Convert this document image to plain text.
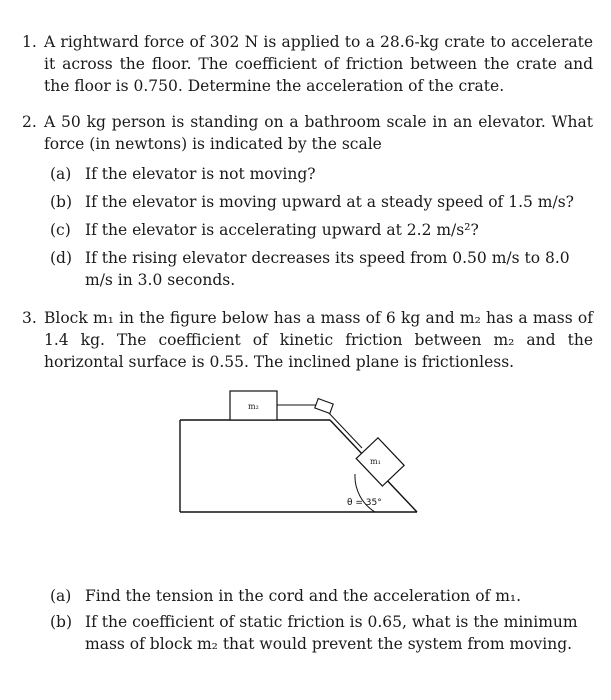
1. A rightward force of 302 N is applied to a 28.6-kg crate to accelerate it across the floor. The coefficient of friction between the crate and the floor is 0.750. Determine the acceleration of the crate.
2. A 50 kg person is standing on a bathroom scale in an elevator. What force (in newtons) is indicated by the scale
(a) If the elevator is not moving?
(b) If the elevator is moving upward at a steady speed of 1.5 m/s?
(c) If the elevator is accelerating upward at 2.2 m/s²?
(d) If the rising elevator decreases its speed from 0.50 m/s to 8.0 m/s in 3.0 seconds.
3. Block m₁ in the figure below has a mass of 6 kg and m₂ has a mass of 1.4 kg. The coefficient of kinetic friction between m₂ and the horizontal surface is 0.55. The inclined plane is frictionless.
m₂
m₁
θ = 35°
(a) Find the tension in the cord and the acceleration of m₁.
(b) If the coefficient of static friction is 0.65, what is the minimum mass of block m₂ that would prevent the system from moving.
